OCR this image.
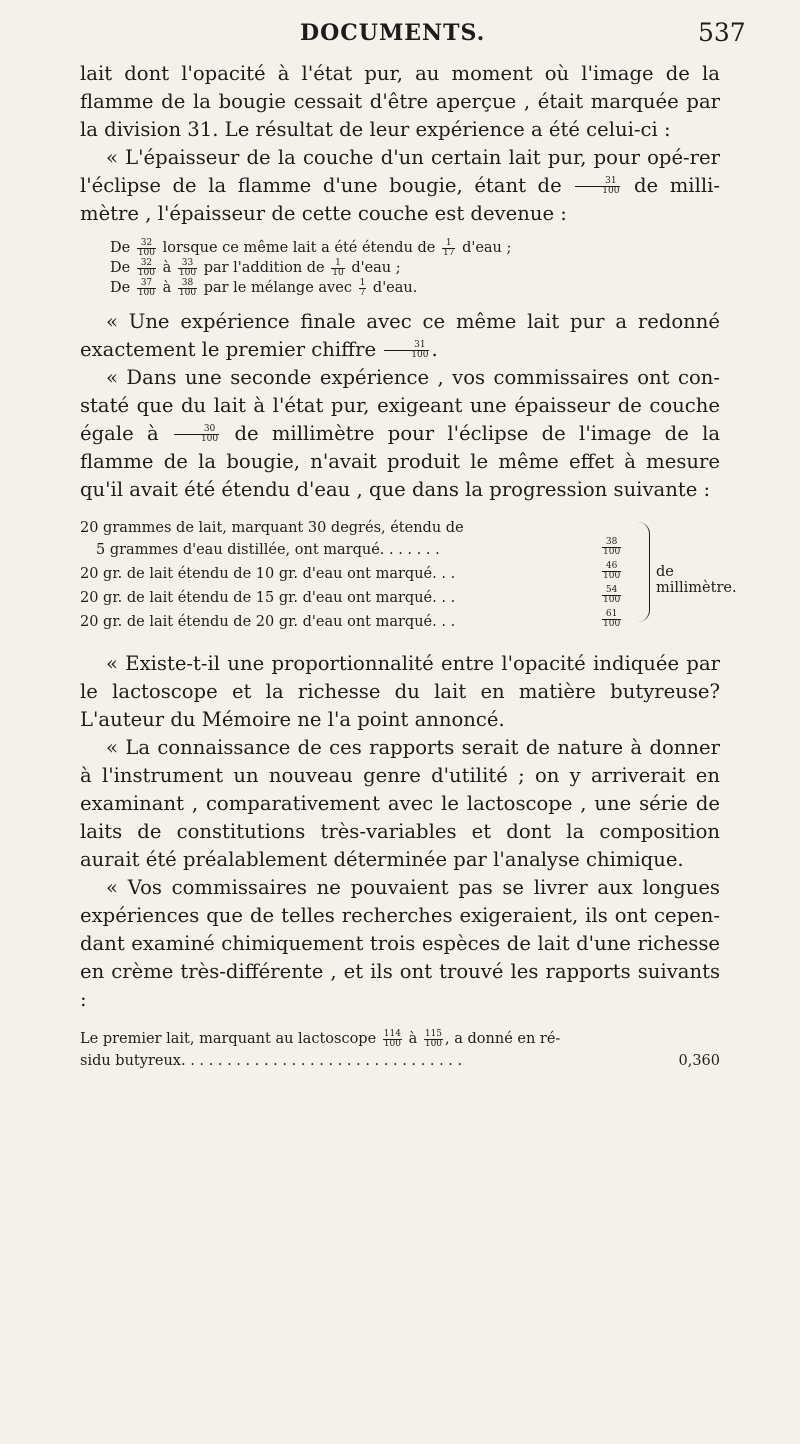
DOCUMENTS.	537

lait dont l'opacité à l'état pur, au moment où l'image de la flamme de la bougie cessait d'être aperçue , était marquée par la division 31. Le résultat de leur expérience a été celui-ci :

« L'épaisseur de la couche d'un certain lait pur, pour opé-rer l'éclipse de la flamme d'une bougie, étant de $\frac{31}{100}$ de milli-mètre , l'épaisseur de cette couche est devenue :

De $\frac{32}{100}$ lorsque ce même lait a été étendu de $\frac{1}{17} d'eau$ ;
De $\frac{32}{100}$ à $\frac{33}{100}$ par l'addition de $\frac{1}{10} d'eau$ ;
De $\frac{37}{100}$ à $\frac{38}{100}$ par le mélange avec $\frac{1}{7} d'eau$.

« Une expérience finale avec ce même lait pur a redonné exactement le premier chiffre $\frac{31}{100}$ .

« Dans une seconde expérience , vos commissaires ont con-staté que du lait à l'état pur, exigeant une épaisseur de couche égale à $\frac{30}{100}$ de millimètre pour l'éclipse de l'image de la flamme de la bougie, n'avait produit le même effet à mesure qu'il avait été étendu d'eau , que dans la progression suivante :

20 grammes de lait, marquant 30 degrés, étendu de
5 grammes d'eau distillée, ont marqué. . . . . . .	$\frac{38}{100}$
20 gr. de lait étendu de 10 gr. d'eau ont marqué. . .	$\frac{46}{100}$
20 gr. de lait étendu de 15 gr. d'eau ont marqué. . .	$\frac{54}{100}$
20 gr. de lait étendu de 20 gr. d'eau ont marqué. . .	$\frac{61}{100}$
de millimètre.

« Existe-t-il une proportionnalité entre l'opacité indiquée par le lactoscope et la richesse du lait en matière butyreuse? L'auteur du Mémoire ne l'a point annoncé.

« La connaissance de ces rapports serait de nature à donner à l'instrument un nouveau genre d'utilité ; on y arriverait en examinant , comparativement avec le lactoscope , une série de laits de constitutions très-variables et dont la composition aurait été préalablement déterminée par l'analyse chimique.

« Vos commissaires ne pouvaient pas se livrer aux longues expériences que de telles recherches exigeraient, ils ont cepen-dant examiné chimiquement trois espèces de lait d'une richesse en crème très-différente , et ils ont trouvé les rapports suivants :

Le premier lait, marquant au lactoscope $\frac{114}{100}$ à $\frac{115}{100}$ , a donné en ré-
sidu butyreux. . . . . . . . . . . . . . . . . . . . . . . . . . . . . . .	0,360
